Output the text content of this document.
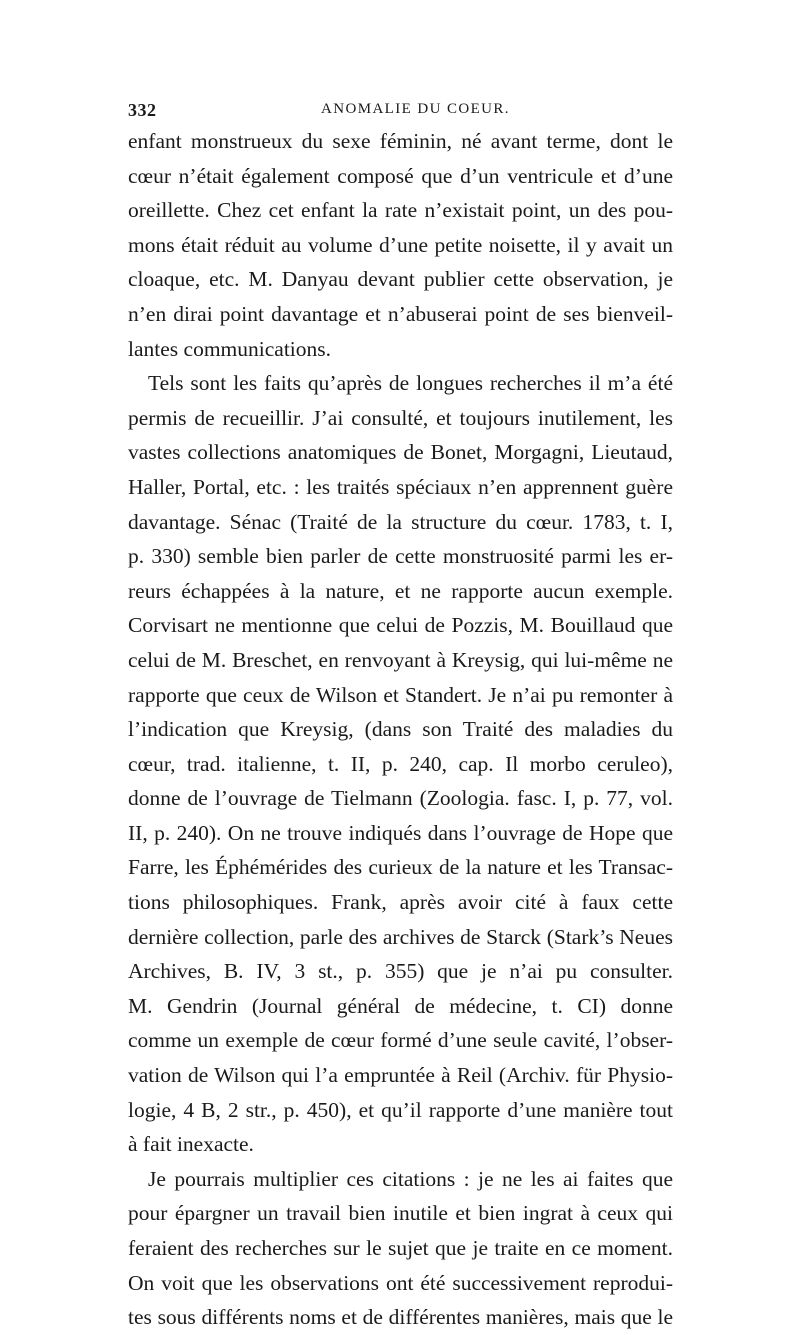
332	ANOMALIE DU COEUR.
enfant monstrueux du sexe féminin, né avant terme, dont le
cœur n’était également composé que d’un ventricule et d’une
oreillette. Chez cet enfant la rate n’existait point, un des pou-
mons était réduit au volume d’une petite noisette, il y avait un
cloaque, etc. M. Danyau devant publier cette observation, je
n’en dirai point davantage et n’abuserai point de ses bienveil-
lantes communications.
Tels sont les faits qu’après de longues recherches il m’a été
permis de recueillir. J’ai consulté, et toujours inutilement, les
vastes collections anatomiques de Bonet, Morgagni, Lieutaud,
Haller, Portal, etc. : les traités spéciaux n’en apprennent guère
davantage. Sénac (Traité de la structure du cœur. 1783, t. I,
p. 330) semble bien parler de cette monstruosité parmi les er-
reurs échappées à la nature, et ne rapporte aucun exemple.
Corvisart ne mentionne que celui de Pozzis, M. Bouillaud que
celui de M. Breschet, en renvoyant à Kreysig, qui lui-même ne
rapporte que ceux de Wilson et Standert. Je n’ai pu remonter à
l’indication que Kreysig, (dans son Traité des maladies du
cœur, trad. italienne, t. II, p. 240, cap. Il morbo ceruleo),
donne de l’ouvrage de Tielmann (Zoologia. fasc. I, p. 77, vol.
II, p. 240). On ne trouve indiqués dans l’ouvrage de Hope que
Farre, les Éphémérides des curieux de la nature et les Transac-
tions philosophiques. Frank, après avoir cité à faux cette
dernière collection, parle des archives de Starck (Stark’s Neues
Archives, B. IV, 3 st., p. 355) que je n’ai pu consulter.
M. Gendrin (Journal général de médecine, t. CI) donne
comme un exemple de cœur formé d’une seule cavité, l’obser-
vation de Wilson qui l’a empruntée à Reil (Archiv. für Physio-
logie, 4 B, 2 str., p. 450), et qu’il rapporte d’une manière tout
à fait inexacte.
Je pourrais multiplier ces citations : je ne les ai faites que
pour épargner un travail bien inutile et bien ingrat à ceux qui
feraient des recherches sur le sujet que je traite en ce moment.
On voit que les observations ont été successivement reprodui-
tes sous différents noms et de différentes manières, mais que le
